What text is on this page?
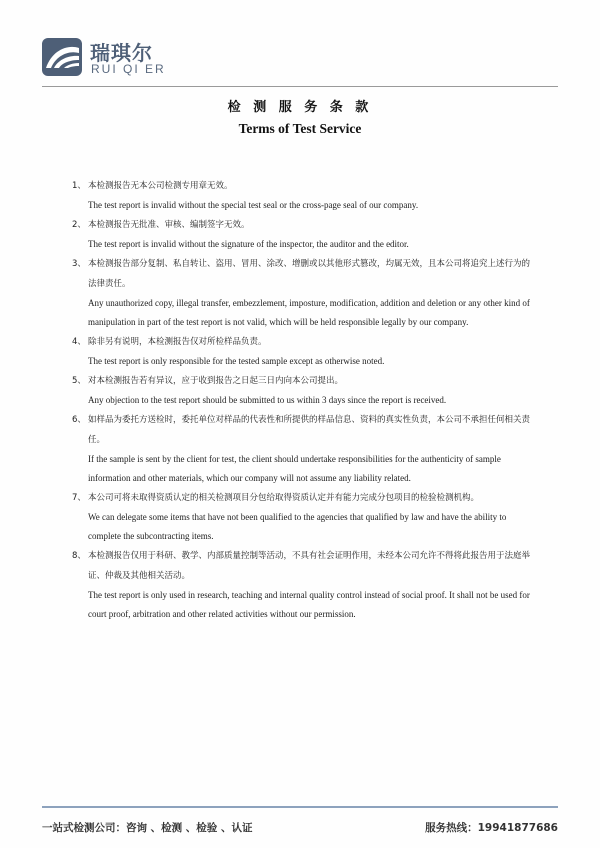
瑞琪尔
RUI QI ER
检 测 服 务 条 款
Terms of Test Service
1、 本检测报告无本公司检测专用章无效。
The test report is invalid without the special test seal or the cross-page seal of our company.
2、 本检测报告无批准、审核、编制签字无效。
The test report is invalid without the signature of the inspector, the auditor and the editor.
3、 本检测报告部分复制、私自转让、盗用、冒用、涂改、增删或以其他形式篡改，均属无效，且本公司将追究上述行为的法律责任。
Any unauthorized copy, illegal transfer, embezzlement, imposture, modification, addition and deletion or any other kind of manipulation in part of the test report is not valid, which will be held responsible legally by our company.
4、 除非另有说明，本检测报告仅对所检样品负责。
The test report is only responsible for the tested sample except as otherwise noted.
5、 对本检测报告若有异议，应于收到报告之日起三日内向本公司提出。
Any objection to the test report should be submitted to us within 3 days since the report is received.
6、 如样品为委托方送检时，委托单位对样品的代表性和所提供的样品信息、资料的真实性负责，本公司不承担任何相关责任。
If the sample is sent by the client for test, the client should undertake responsibilities for the authenticity of sample information and other materials, which our company will not assume any liability related.
7、 本公司可将未取得资质认定的相关检测项目分包给取得资质认定并有能力完成分包项目的检验检测机构。
We can delegate some items that have not been qualified to the agencies that qualified by law and have the ability to complete the subcontracting items.
8、 本检测报告仅用于科研、教学、内部质量控制等活动，不具有社会证明作用，未经本公司允许不得将此报告用于法庭举证、仲裁及其他相关活动。
The test report is only used in research, teaching and internal quality control instead of social proof. It shall not be used for court proof, arbitration and other related activities without our permission.
一站式检测公司：咨询 、检测 、检验 、认证	服务热线：19941877686
